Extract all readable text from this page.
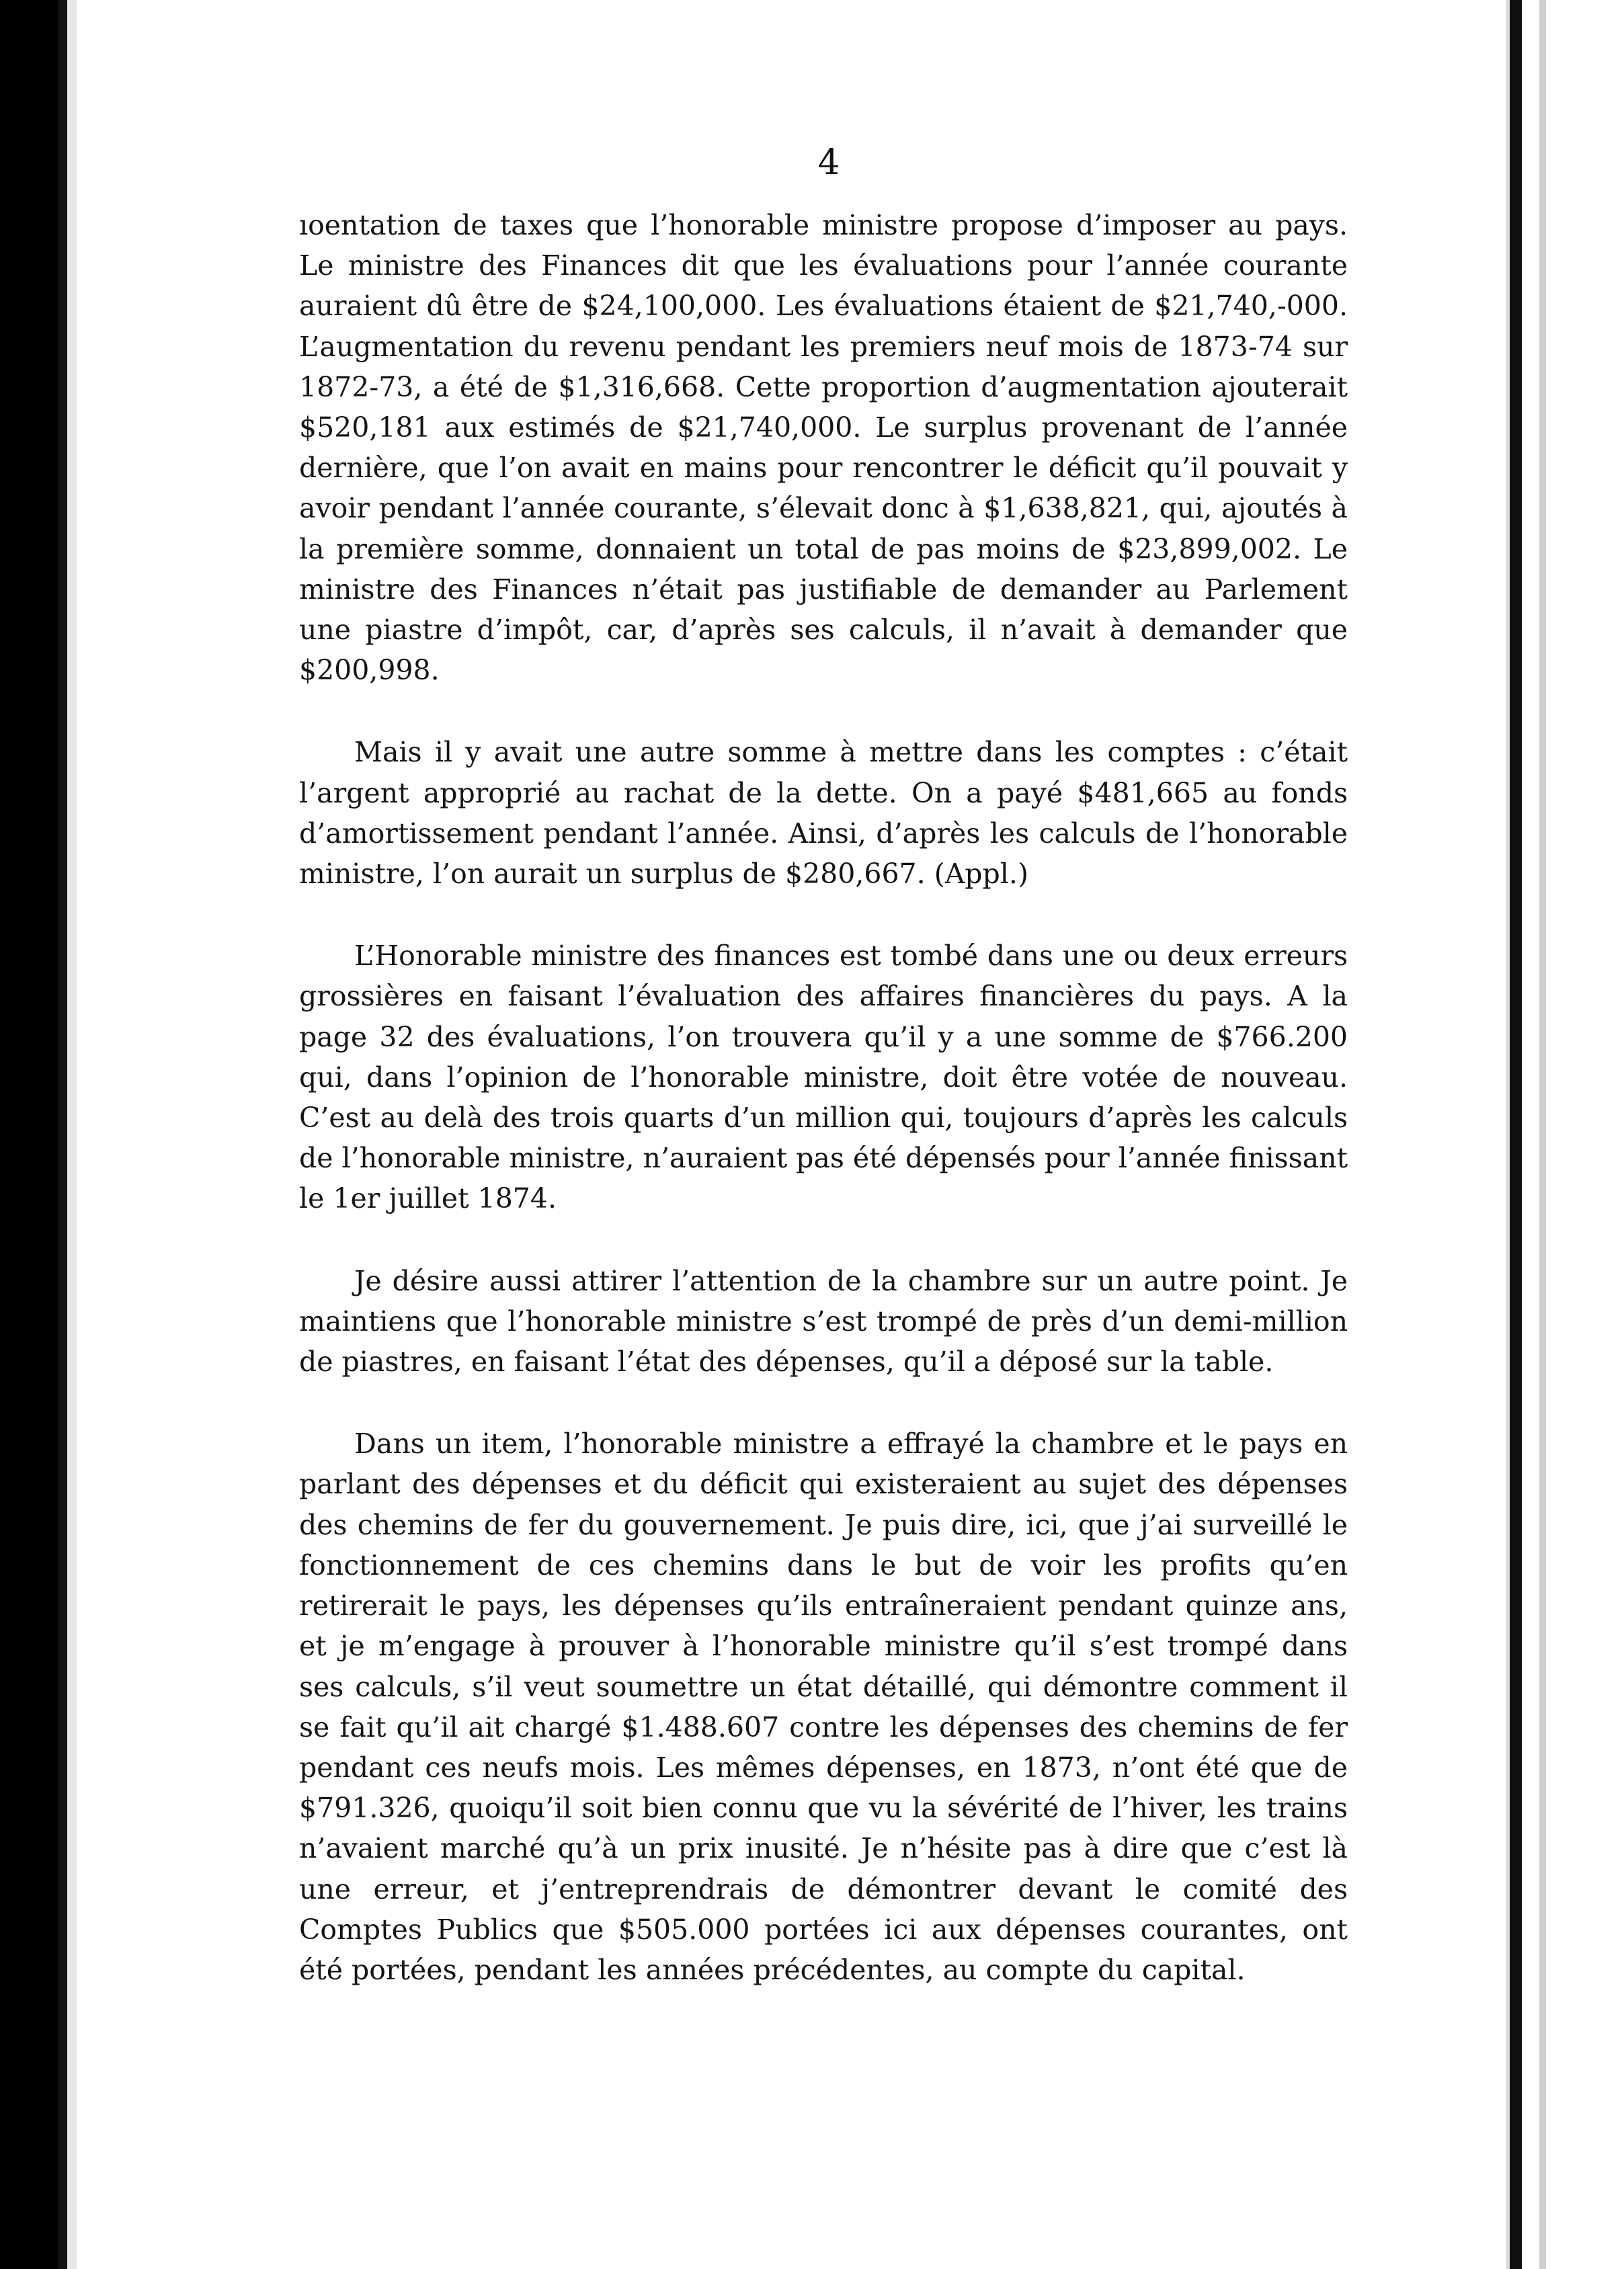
4

ıoentation de taxes que l’honorable ministre propose d’imposer au pays. Le ministre des Finances dit que les évaluations pour l’année courante auraient dû être de $24,100,000. Les évaluations étaient de $21,740,-000. L’augmentation du revenu pendant les premiers neuf mois de 1873-74 sur 1872-73, a été de $1,316,668. Cette proportion d’augmentation ajouterait $520,181 aux estimés de $21,740,000. Le surplus provenant de l’année dernière, que l’on avait en mains pour rencontrer le déficit qu’il pouvait y avoir pendant l’année courante, s’élevait donc à $1,638,821, qui, ajoutés à la première somme, donnaient un total de pas moins de $23,899,002. Le ministre des Finances n’était pas justifiable de demander au Parlement une piastre d’impôt, car, d’après ses calculs, il n’avait à demander que $200,998.

Mais il y avait une autre somme à mettre dans les comptes : c’était l’argent approprié au rachat de la dette. On a payé $481,665 au fonds d’amortissement pendant l’année. Ainsi, d’après les calculs de l’honorable ministre, l’on aurait un surplus de $280,667. (Appl.)

L’Honorable ministre des finances est tombé dans une ou deux erreurs grossières en faisant l’évaluation des affaires financières du pays. A la page 32 des évaluations, l’on trouvera qu’il y a une somme de $766.200 qui, dans l’opinion de l’honorable ministre, doit être votée de nouveau. C’est au delà des trois quarts d’un million qui, toujours d’après les calculs de l’honorable ministre, n’auraient pas été dépensés pour l’année finissant le 1er juillet 1874.

Je désire aussi attirer l’attention de la chambre sur un autre point. Je maintiens que l’honorable ministre s’est trompé de près d’un demi-million de piastres, en faisant l’état des dépenses, qu’il a déposé sur la table.

Dans un item, l’honorable ministre a effrayé la chambre et le pays en parlant des dépenses et du déficit qui existeraient au sujet des dépenses des chemins de fer du gouvernement. Je puis dire, ici, que j’ai surveillé le fonctionnement de ces chemins dans le but de voir les profits qu’en retirerait le pays, les dépenses qu’ils entraîneraient pendant quinze ans, et je m’engage à prouver à l’honorable ministre qu’il s’est trompé dans ses calculs, s’il veut soumettre un état détaillé, qui démontre comment il se fait qu’il ait chargé $1.488.607 contre les dépenses des chemins de fer pendant ces neufs mois. Les mêmes dépenses, en 1873, n’ont été que de $791.326, quoiqu’il soit bien connu que vu la sévérité de l’hiver, les trains n’avaient marché qu’à un prix inusité. Je n’hésite pas à dire que c’est là une erreur, et j’entreprendrais de démontrer devant le comité des Comptes Publics que $505.000 portées ici aux dépenses courantes, ont été portées, pendant les années précédentes, au compte du capital.
